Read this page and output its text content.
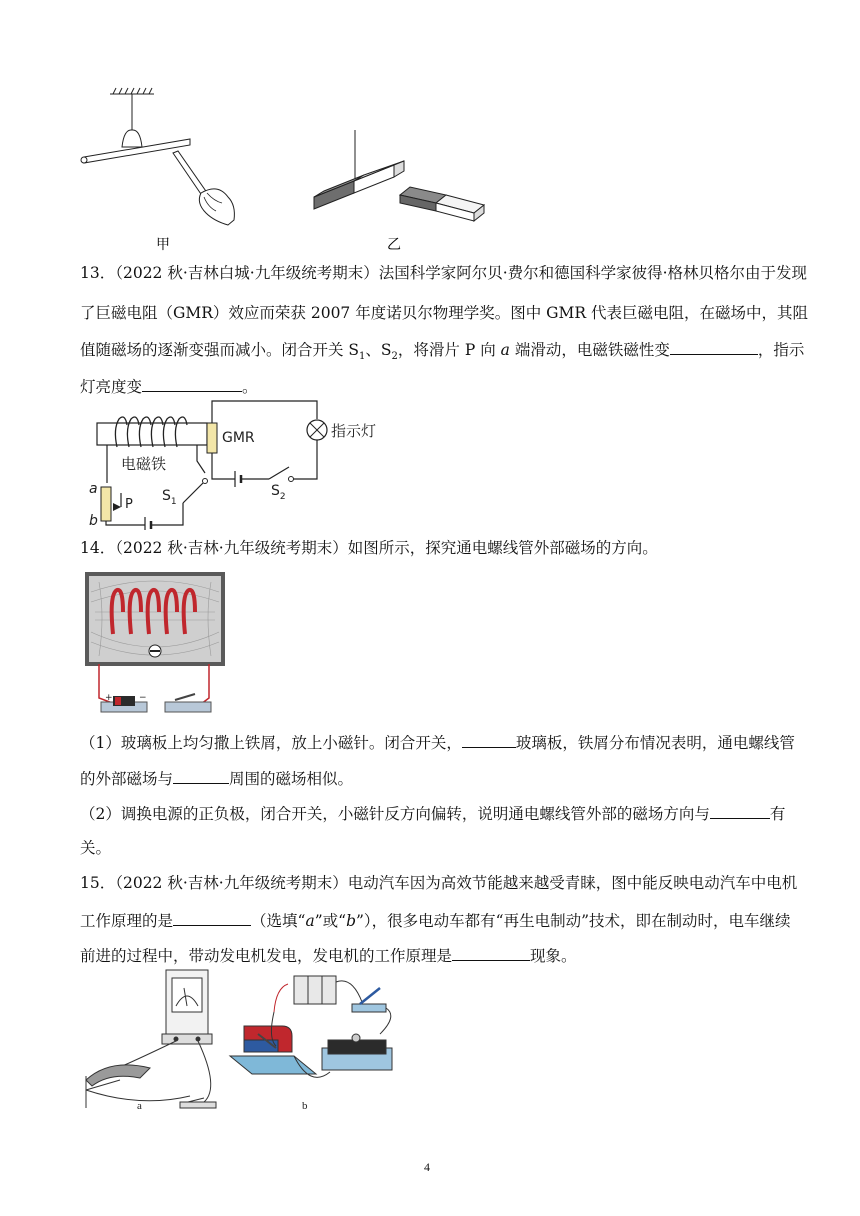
甲	乙
13．（2022 秋·吉林白城·九年级统考期末）法国科学家阿尔贝·费尔和德国科学家彼得·格林贝格尔由于发现
了巨磁电阻（GMR）效应而荣获 2007 年度诺贝尔物理学奖。图中 GMR 代表巨磁电阻，在磁场中，其阻
值随磁场的逐渐变强而减小。闭合开关 $S_1$、$S_2$，将滑片 P 向 a 端滑动，电磁铁磁性变	，指示
灯亮度变	。
电磁铁
a
b
P
$S_1$
GMR	指示灯
$S_2$
14．（2022 秋·吉林·九年级统考期末）如图所示，探究通电螺线管外部磁场的方向。
+	−
（1）玻璃板上均匀撒上铁屑，放上小磁针。闭合开关，	玻璃板，铁屑分布情况表明，通电螺线管
的外部磁场与	周围的磁场相似。
（2）调换电源的正负极，闭合开关，小磁针反方向偏转，说明通电螺线管外部的磁场方向与	有
关。
15．（2022 秋·吉林·九年级统考期末）电动汽车因为高效节能越来越受青睐，图中能反映电动汽车中电机
工作原理的是	（选填“a”或“b”），很多电动车都有“再生电制动”技术，即在制动时，电车继续
前进的过程中，带动发电机发电，发电机的工作原理是	现象。
a	b
4
